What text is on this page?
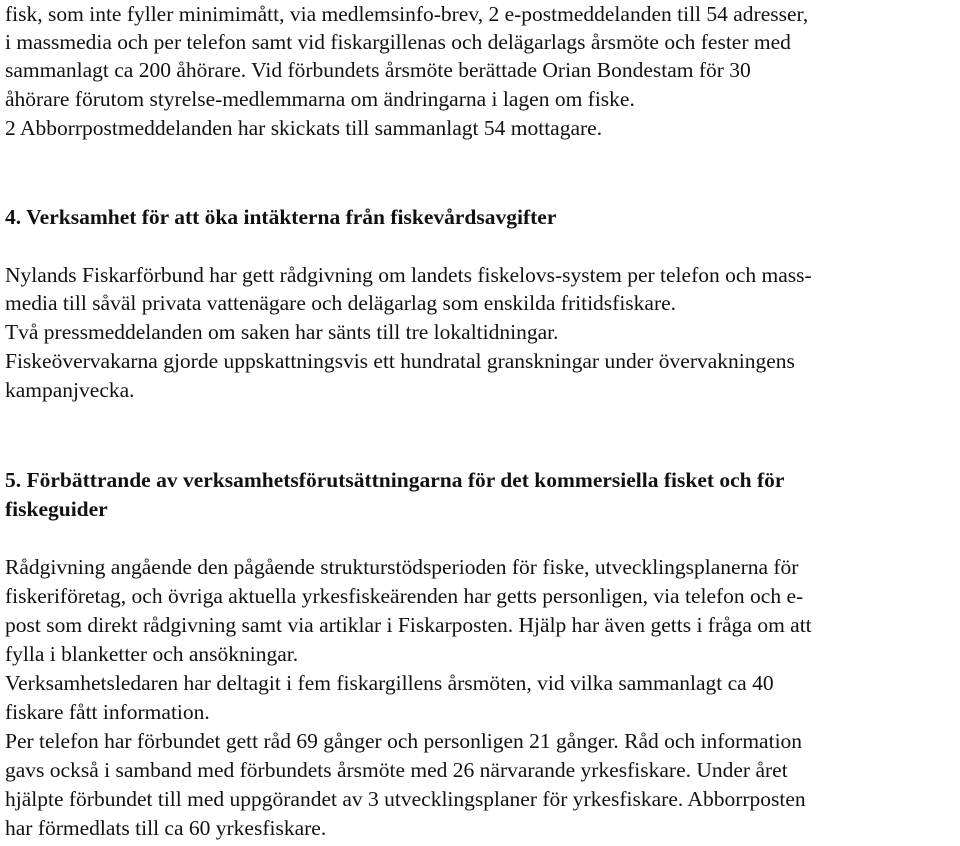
fisk, som inte fyller minimimått, via medlemsinfo-brev, 2 e-postmeddelanden till 54 adresser,
i massmedia och per telefon samt vid fiskargillenas och delägarlags årsmöte och fester med
sammanlagt ca 200 åhörare. Vid förbundets årsmöte berättade Orian Bondestam för 30
åhörare förutom styrelse-medlemmarna om ändringarna i lagen om fiske.
2 Abborrpostmeddelanden har skickats till sammanlagt 54 mottagare.
4. Verksamhet för att öka intäkterna från fiskevårdsavgifter
Nylands Fiskarförbund har gett rådgivning om landets fiskelovs-system per telefon och mass-
media till såväl privata vattenägare och delägarlag som enskilda fritidsfiskare.
Två pressmeddelanden om saken har sänts till tre lokaltidningar.
Fiskeövervakarna gjorde uppskattningsvis ett hundratal granskningar under övervakningens
kampanjvecka.
5. Förbättrande av verksamhetsförutsättningarna för det kommersiella fisket och för
fiskeguider
Rådgivning angående den pågående strukturstödsperioden för fiske, utvecklingsplanerna för
fiskeriföretag, och övriga aktuella yrkesfiskeärenden har getts personligen, via telefon och e-
post som direkt rådgivning samt via artiklar i Fiskarposten. Hjälp har även getts i fråga om att
fylla i blanketter och ansökningar.
Verksamhetsledaren har deltagit i fem fiskargillens årsmöten, vid vilka sammanlagt ca 40
fiskare fått information.
Per telefon har förbundet gett råd 69 gånger och personligen 21 gånger. Råd och information
gavs också i samband med förbundets årsmöte med 26 närvarande yrkesfiskare. Under året
hjälpte förbundet till med uppgörandet av 3 utvecklingsplaner för yrkesfiskare. Abborrposten
har förmedlats till ca 60 yrkesfiskare.
